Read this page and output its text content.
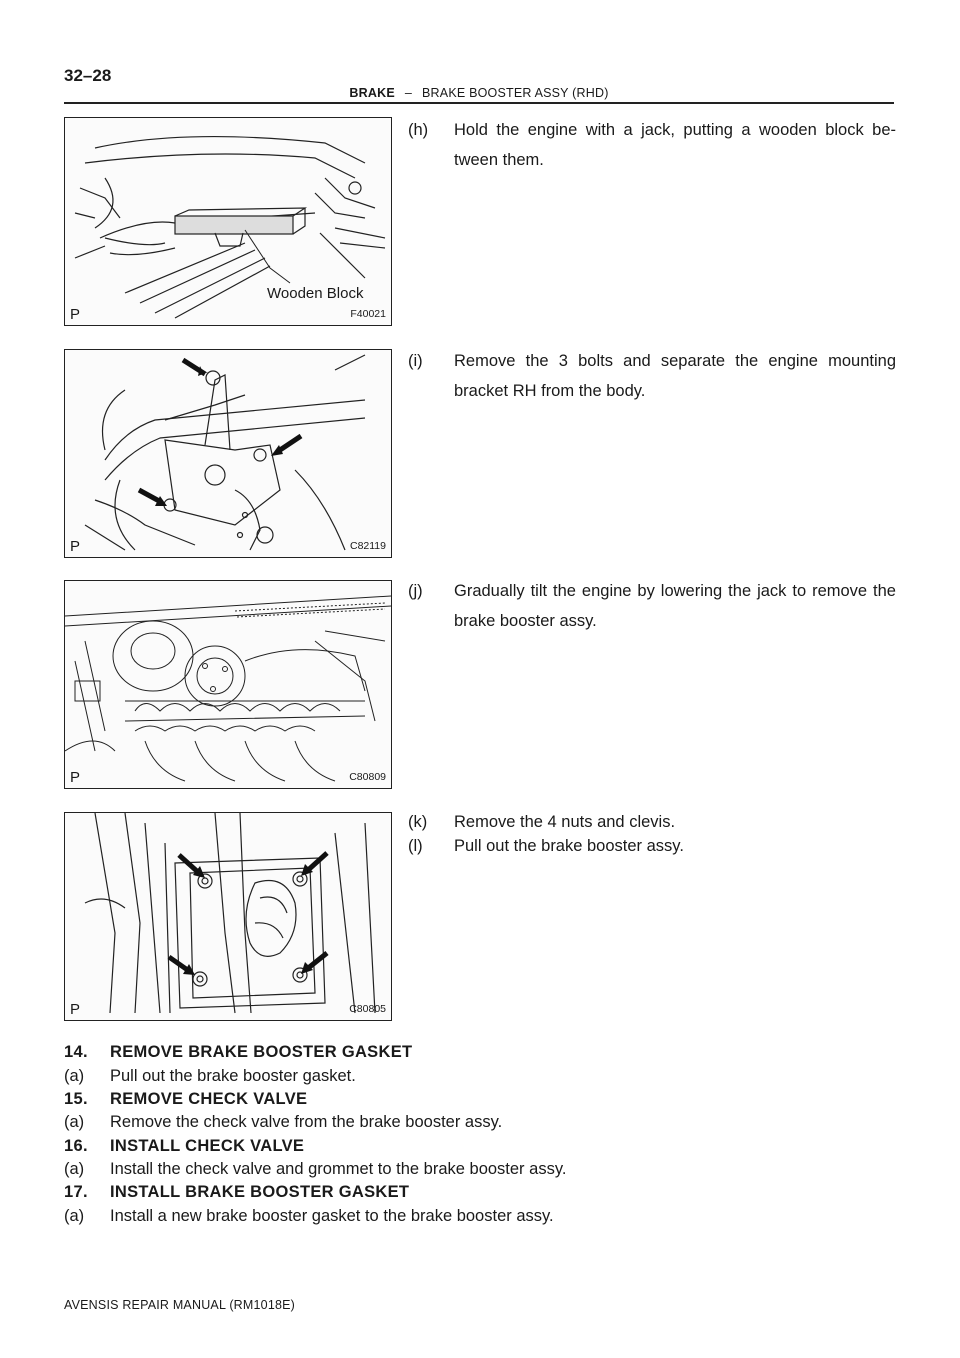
32–28
BRAKE – BRAKE BOOSTER ASSY (RHD)
Wooden Block
P	F40021
P	C82119
P	C80809
P	C80805
(h) Hold the engine with a jack, putting a wooden block be- tween them.
(i) Remove the 3 bolts and separate the engine mounting bracket RH from the body.
(j) Gradually tilt the engine by lowering the jack to remove the brake booster assy.
(k) Remove the 4 nuts and clevis.
(l) Pull out the brake booster assy.
14. REMOVE BRAKE BOOSTER GASKET
(a) Pull out the brake booster gasket.
15. REMOVE CHECK VALVE
(a) Remove the check valve from the brake booster assy.
16. INSTALL CHECK VALVE
(a) Install the check valve and grommet to the brake booster assy.
17. INSTALL BRAKE BOOSTER GASKET
(a) Install a new brake booster gasket to the brake booster assy.
AVENSIS REPAIR MANUAL (RM1018E)
